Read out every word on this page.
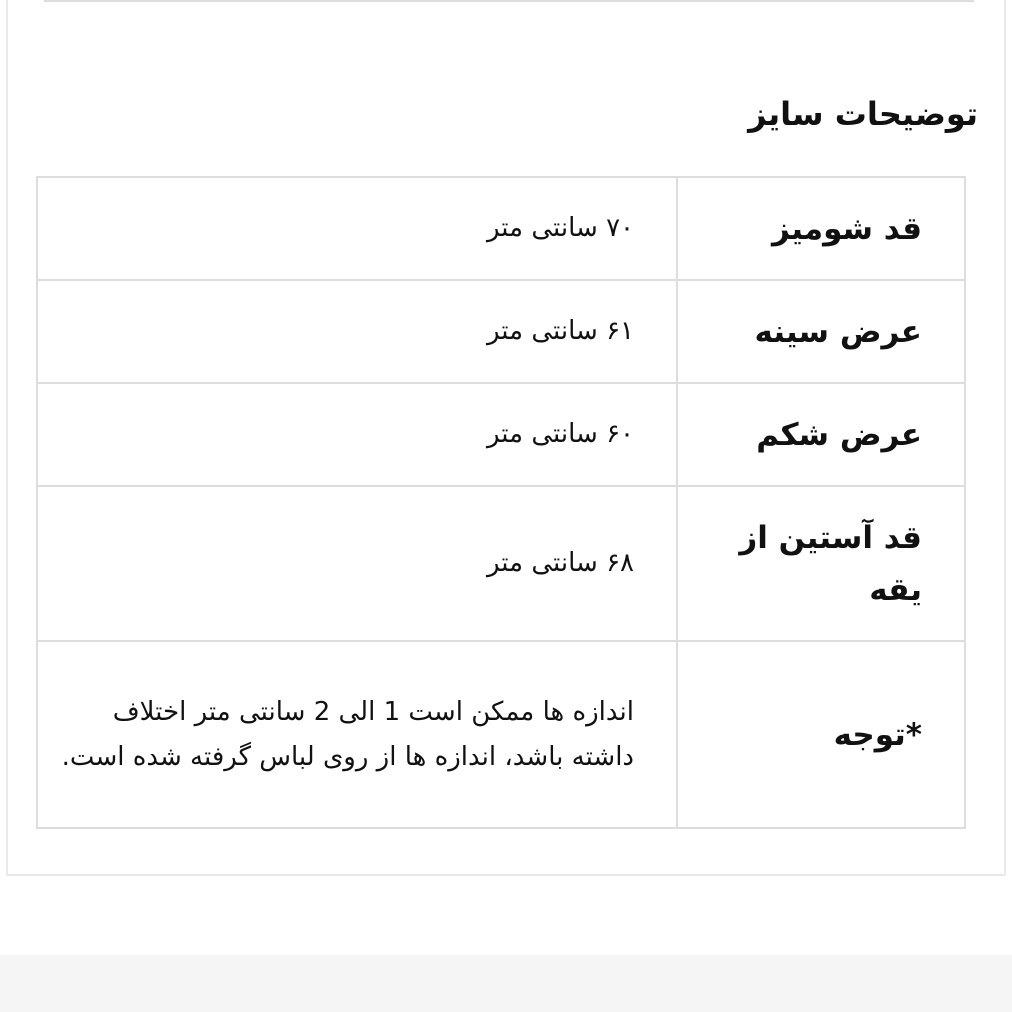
توضیحات سایز
قد شومیز	۷۰ سانتی متر
عرض سینه	۶۱ سانتی متر
عرض شکم	۶۰ سانتی متر
قد آستین از یقه	۶۸ سانتی متر
*توجه	اندازه ها ممکن است 1 الی 2 سانتی متر اختلاف داشته باشد، اندازه ها از روی لباس گرفته شده است.
